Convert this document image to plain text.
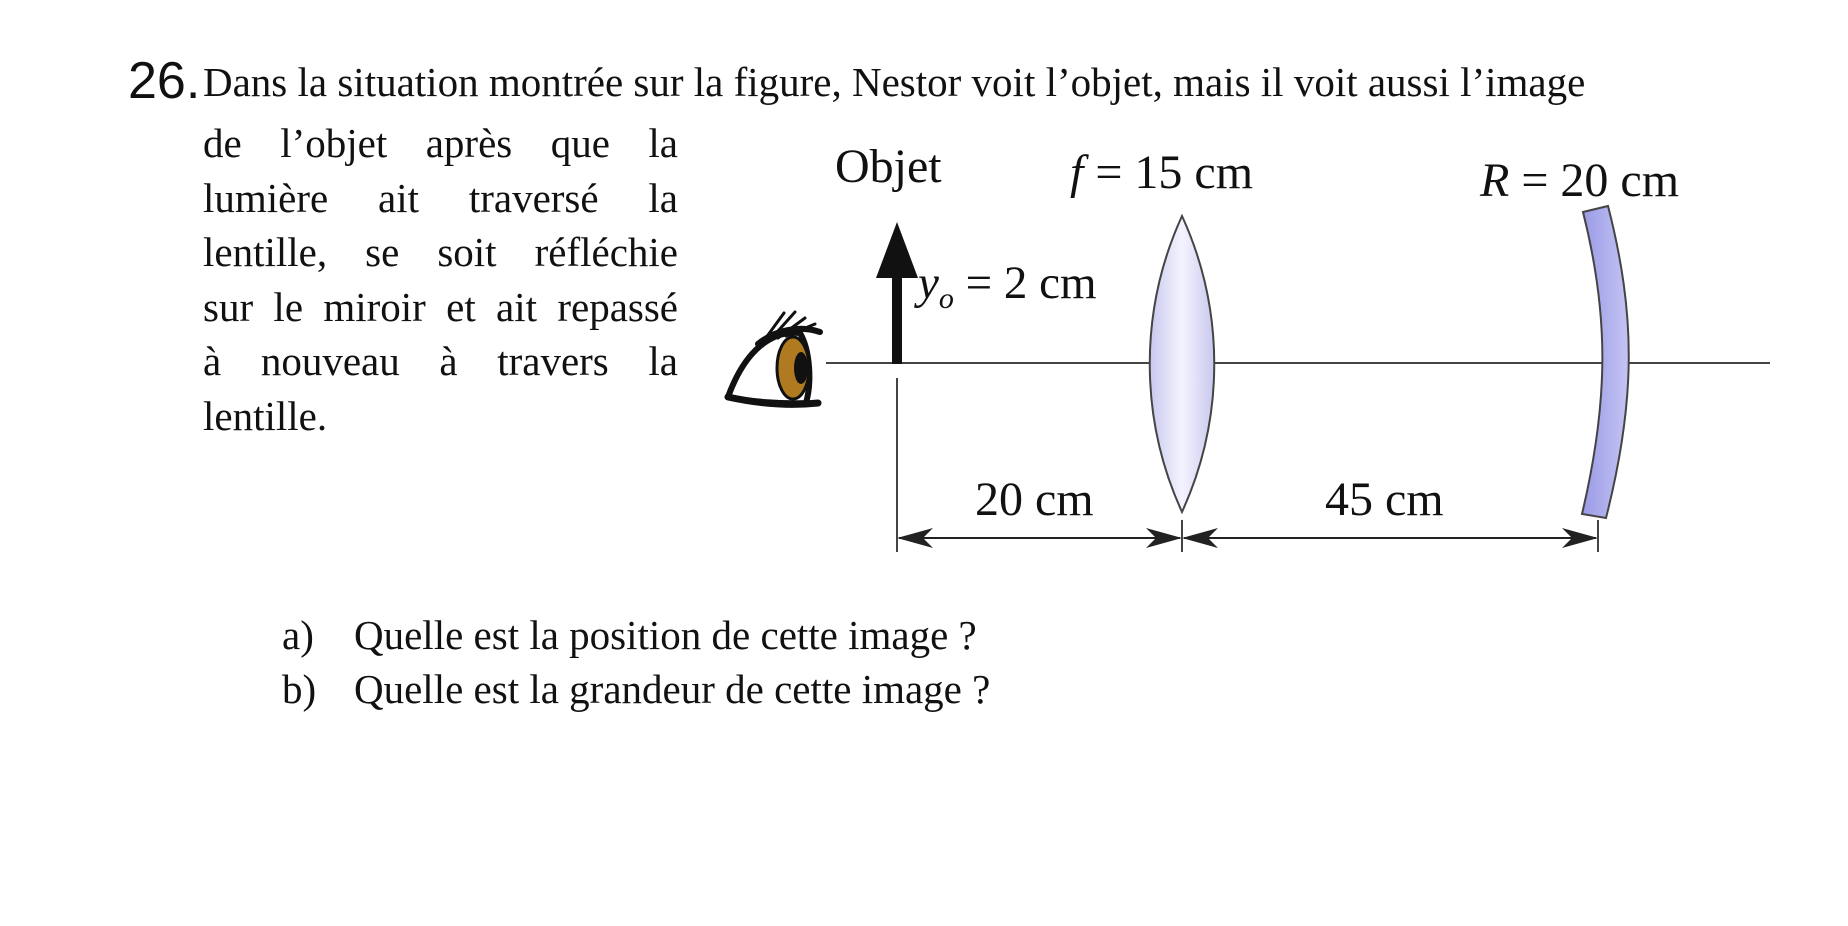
26. Dans la situation montrée sur la figure, Nestor voit l’objet, mais il voit aussi l’image
de l’objet après que la
lumière ait traversé la
lentille, se soit réfléchie
sur le miroir et ait repassé
à nouveau à travers la
lentille.
Objet
$y_o = 2$ cm
f = 15 cm	R = 20 cm
20 cm	45 cm
a) Quelle est la position de cette image ?
b) Quelle est la grandeur de cette image ?
